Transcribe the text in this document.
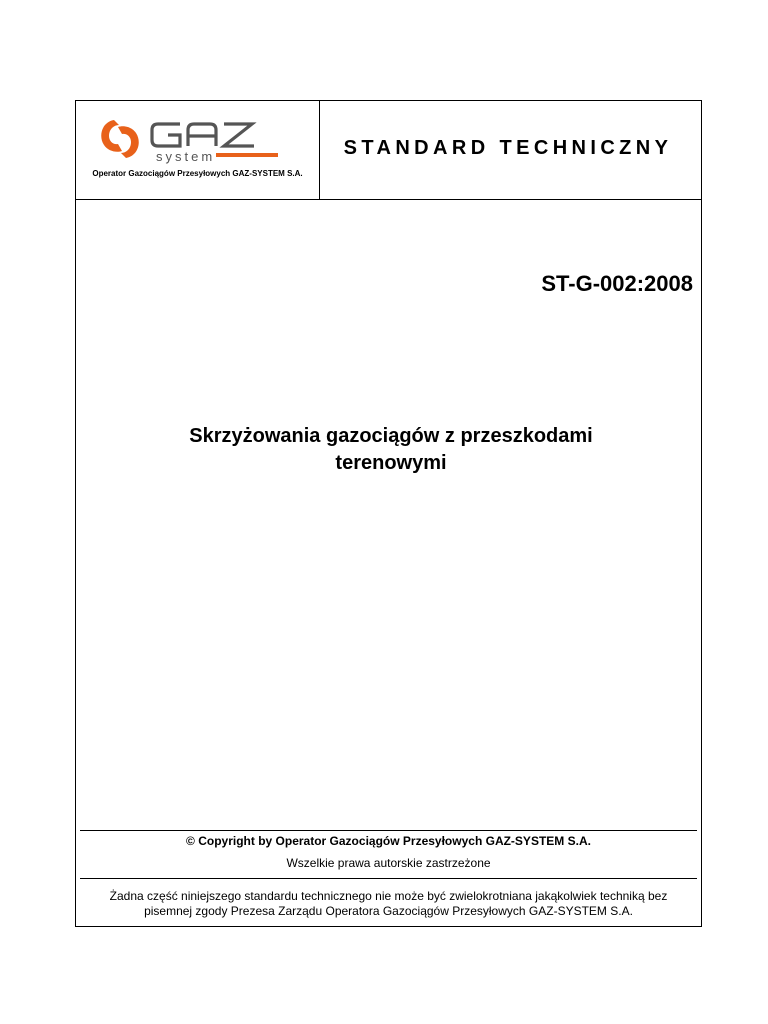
system
Operator Gazociągów Przesyłowych GAZ-SYSTEM S.A.
STANDARD TECHNICZNY
ST-G-002:2008
Skrzyżowania gazociągów z przeszkodami
terenowymi
© Copyright by Operator Gazociągów Przesyłowych GAZ-SYSTEM S.A.
Wszelkie prawa autorskie zastrzeżone
Żadna część niniejszego standardu technicznego nie może być zwielokrotniana jakąkolwiek techniką bez
pisemnej zgody Prezesa Zarządu Operatora Gazociągów Przesyłowych GAZ-SYSTEM S.A.
